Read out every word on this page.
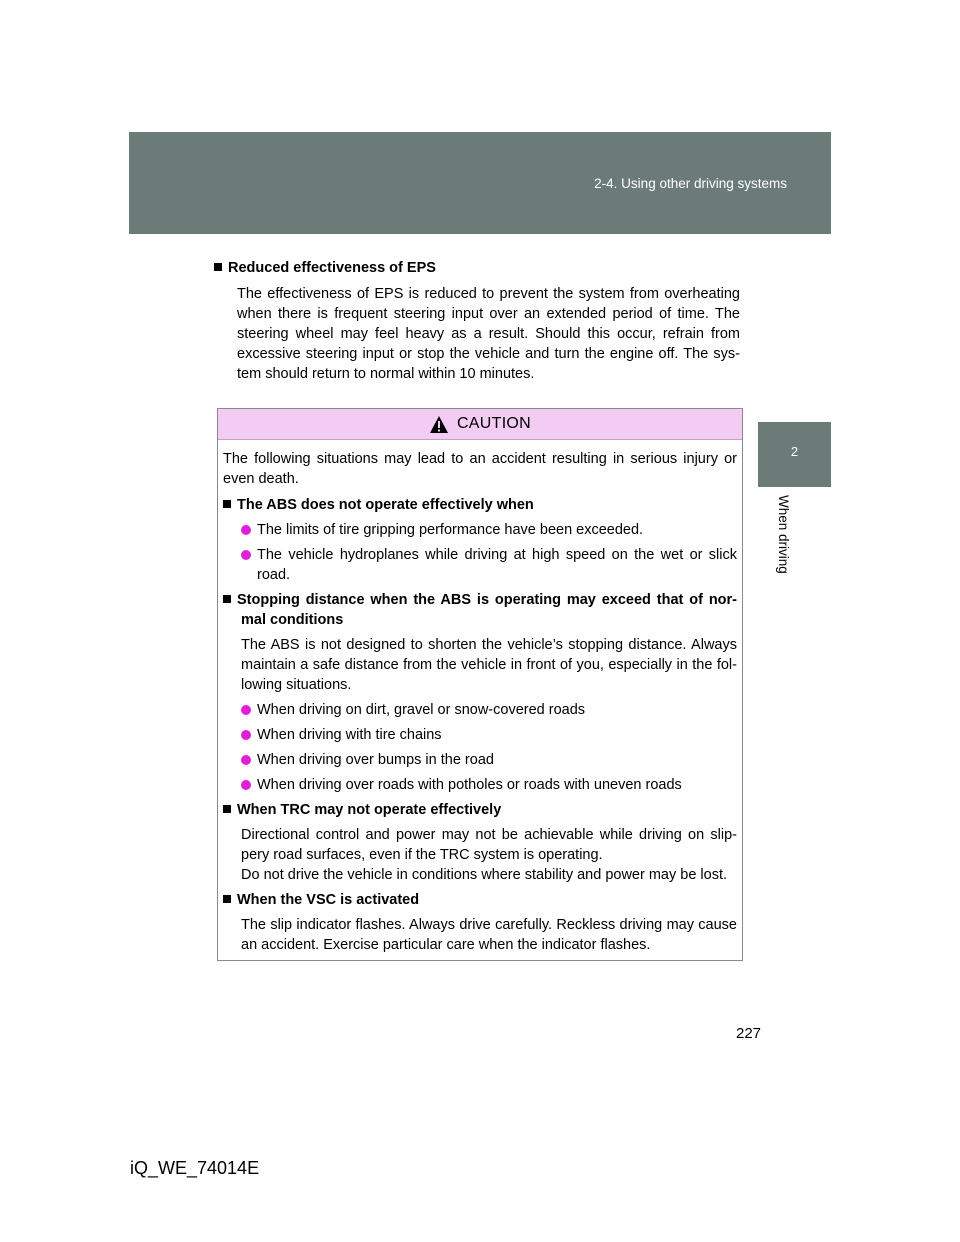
2-4. Using other driving systems
2
When driving
Reduced effectiveness of EPS
The effectiveness of EPS is reduced to prevent the system from overheating when there is frequent steering input over an extended period of time. The steering wheel may feel heavy as a result. Should this occur, refrain from excessive steering input or stop the vehicle and turn the engine off. The sys-tem should return to normal within 10 minutes.
CAUTION

The following situations may lead to an accident resulting in serious injury or even death.

The ABS does not operate effectively when

The limits of tire gripping performance have been exceeded.

The vehicle hydroplanes while driving at high speed on the wet or slick road.

Stopping distance when the ABS is operating may exceed that of nor-mal conditions

The ABS is not designed to shorten the vehicle’s stopping distance. Always maintain a safe distance from the vehicle in front of you, especially in the fol-lowing situations.

When driving on dirt, gravel or snow-covered roads

When driving with tire chains

When driving over bumps in the road

When driving over roads with potholes or roads with uneven roads

When TRC may not operate effectively

Directional control and power may not be achievable while driving on slip-pery road surfaces, even if the TRC system is operating.

Do not drive the vehicle in conditions where stability and power may be lost.

When the VSC is activated

The slip indicator flashes. Always drive carefully. Reckless driving may cause an accident. Exercise particular care when the indicator flashes.

227
iQ_WE_74014E
